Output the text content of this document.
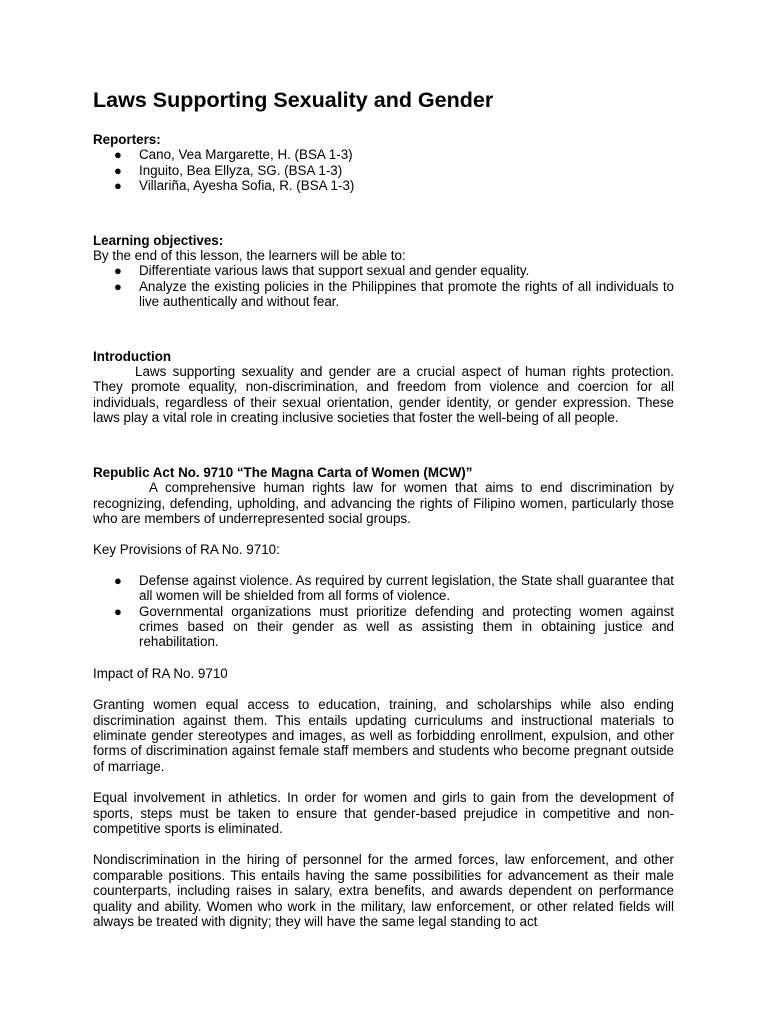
Laws Supporting Sexuality and Gender

Reporters:

● Cano, Vea Margarette, H. (BSA 1-3)
● Inguito, Bea Ellyza, SG. (BSA 1-3)
● Villariña, Ayesha Sofia, R. (BSA 1-3)

Learning objectives:

By the end of this lesson, the learners will be able to:

● Differentiate various laws that support sexual and gender equality.
● Analyze the existing policies in the Philippines that promote the rights of all individuals to live authentically and without fear.

Introduction

Laws supporting sexuality and gender are a crucial aspect of human rights protection. They promote equality, non-discrimination, and freedom from violence and coercion for all individuals, regardless of their sexual orientation, gender identity, or gender expression. These laws play a vital role in creating inclusive societies that foster the well-being of all people.

Republic Act No. 9710 “The Magna Carta of Women (MCW)”

A comprehensive human rights law for women that aims to end discrimination by recognizing, defending, upholding, and advancing the rights of Filipino women, particularly those who are members of underrepresented social groups.

Key Provisions of RA No. 9710:

● Defense against violence. As required by current legislation, the State shall guarantee that all women will be shielded from all forms of violence.
● Governmental organizations must prioritize defending and protecting women against crimes based on their gender as well as assisting them in obtaining justice and rehabilitation.

Impact of RA No. 9710

Granting women equal access to education, training, and scholarships while also ending discrimination against them. This entails updating curriculums and instructional materials to eliminate gender stereotypes and images, as well as forbidding enrollment, expulsion, and other forms of discrimination against female staff members and students who become pregnant outside of marriage.

Equal involvement in athletics. In order for women and girls to gain from the development of sports, steps must be taken to ensure that gender-based prejudice in competitive and non-competitive sports is eliminated.

Nondiscrimination in the hiring of personnel for the armed forces, law enforcement, and other comparable positions. This entails having the same possibilities for advancement as their male counterparts, including raises in salary, extra benefits, and awards dependent on performance quality and ability. Women who work in the military, law enforcement, or other related fields will always be treated with dignity; they will have the same legal standing to act
